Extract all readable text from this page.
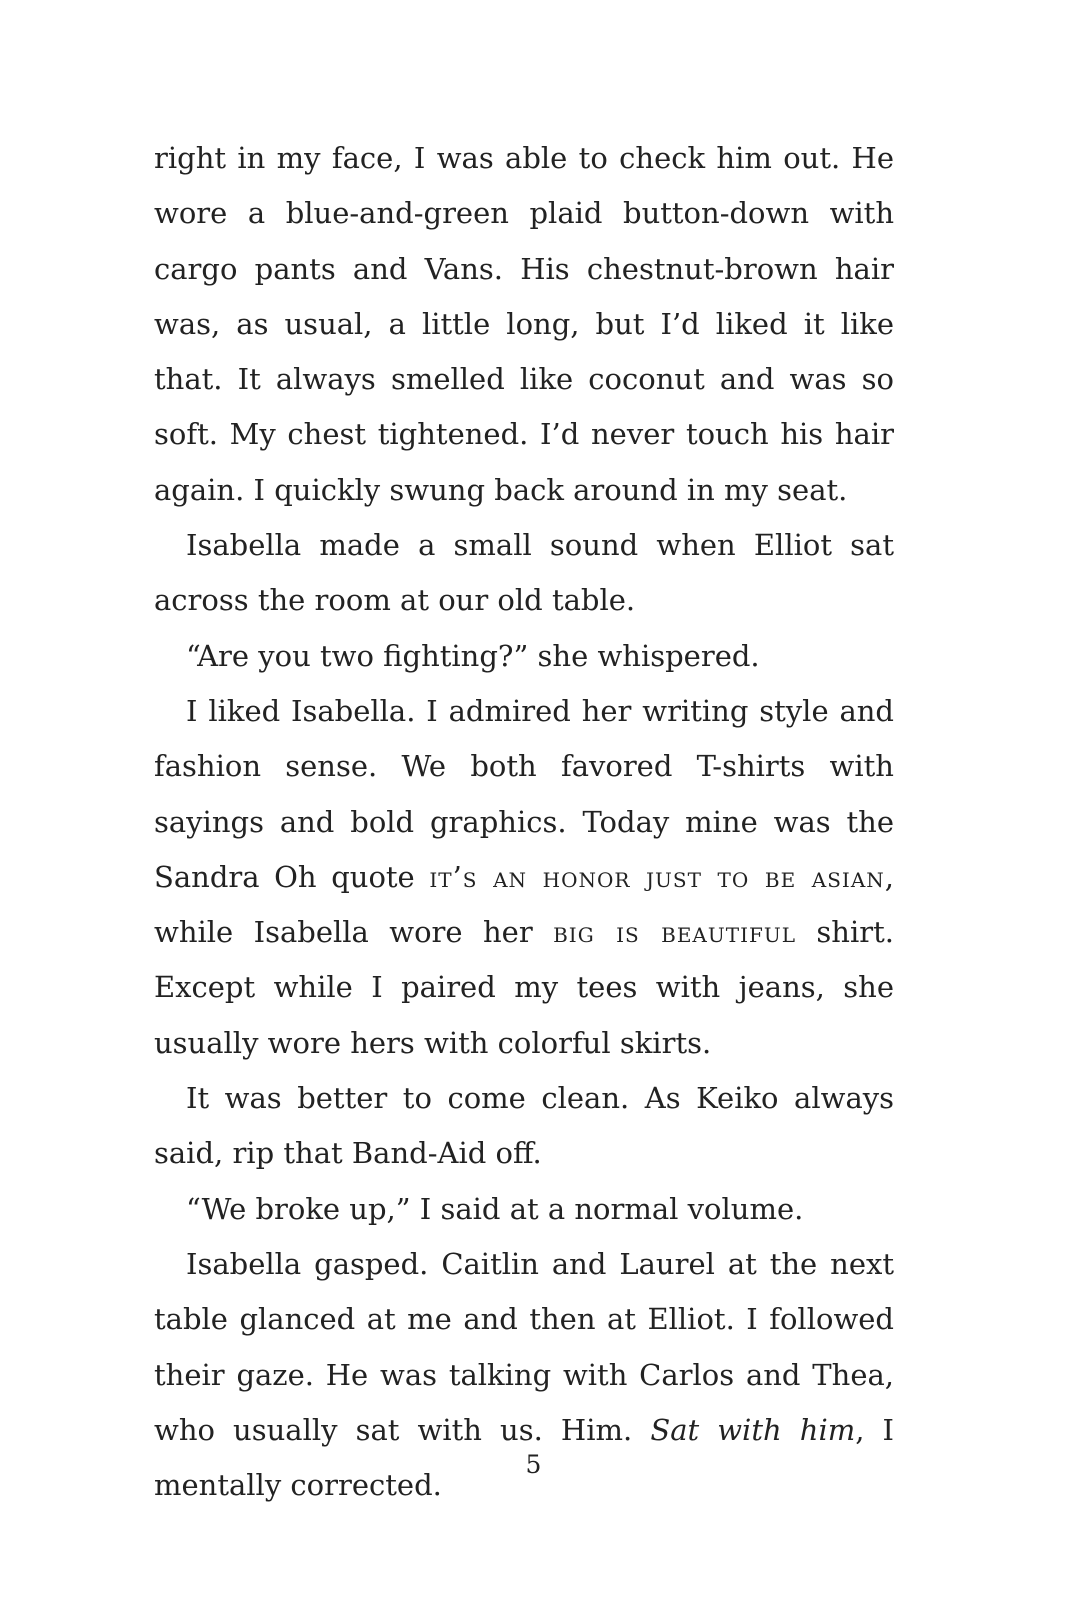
right in my face, I was able to check him out. He wore a blue-and-green plaid button-down with cargo pants and Vans. His chestnut-brown hair was, as usual, a little long, but I’d liked it like that. It always smelled like coconut and was so soft. My chest tightened. I’d never touch his hair again. I quickly swung back around in my seat.

Isabella made a small sound when Elliot sat across the room at our old table.

“Are you two fighting?” she whispered.

I liked Isabella. I admired her writing style and fashion sense. We both favored T-shirts with sayings and bold graphics. Today mine was the Sandra Oh quote it’s an honor just to be asian, while Isabella wore her big is beautiful shirt. Except while I paired my tees with jeans, she usually wore hers with colorful skirts.

It was better to come clean. As Keiko always said, rip that Band-Aid off.

“We broke up,” I said at a normal volume.

Isabella gasped. Caitlin and Laurel at the next table glanced at me and then at Elliot. I followed their gaze. He was talking with Carlos and Thea, who usually sat with us. Him. Sat with him, I mentally corrected.

5
